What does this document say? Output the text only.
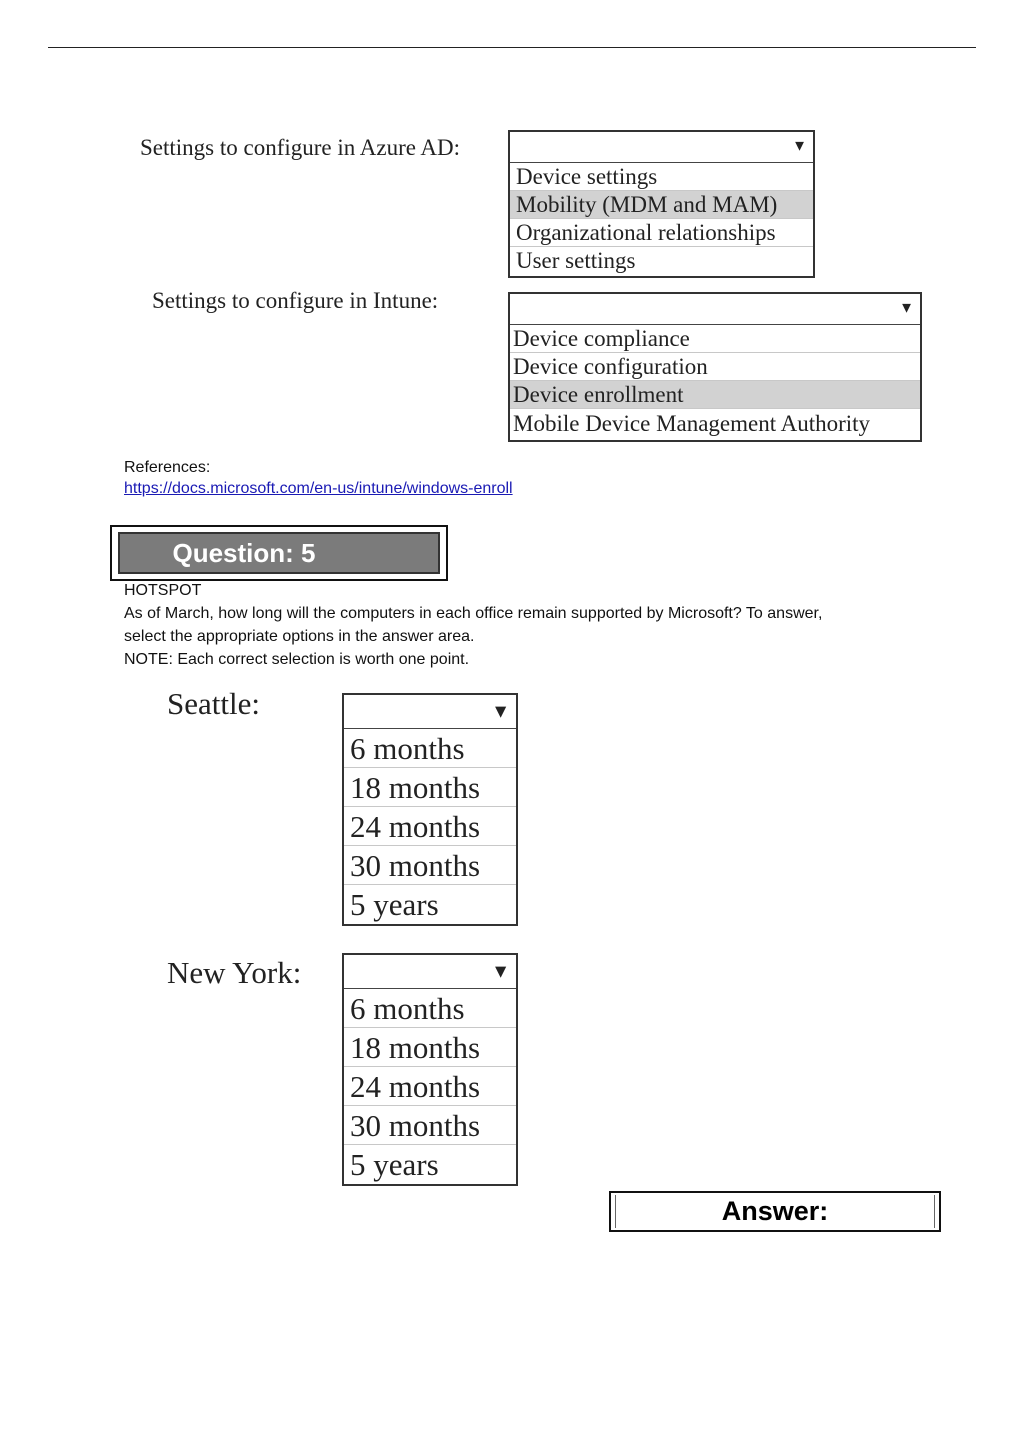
Settings to configure in Azure AD:	▼
Device settings
Mobility (MDM and MAM)
Organizational relationships
User settings
Settings to configure in Intune:	▼
Device compliance
Device configuration
Device enrollment
Mobile Device Management Authority
References:
https://docs.microsoft.com/en-us/intune/windows-enroll
Question: 5
HOTSPOT
As of March, how long will the computers in each office remain supported by Microsoft? To answer,
select the appropriate options in the answer area.
NOTE: Each correct selection is worth one point.
Seattle:	▼
6 months
18 months
24 months
30 months
5 years
New York:	▼
6 months
18 months
24 months
30 months
5 years
Answer:
